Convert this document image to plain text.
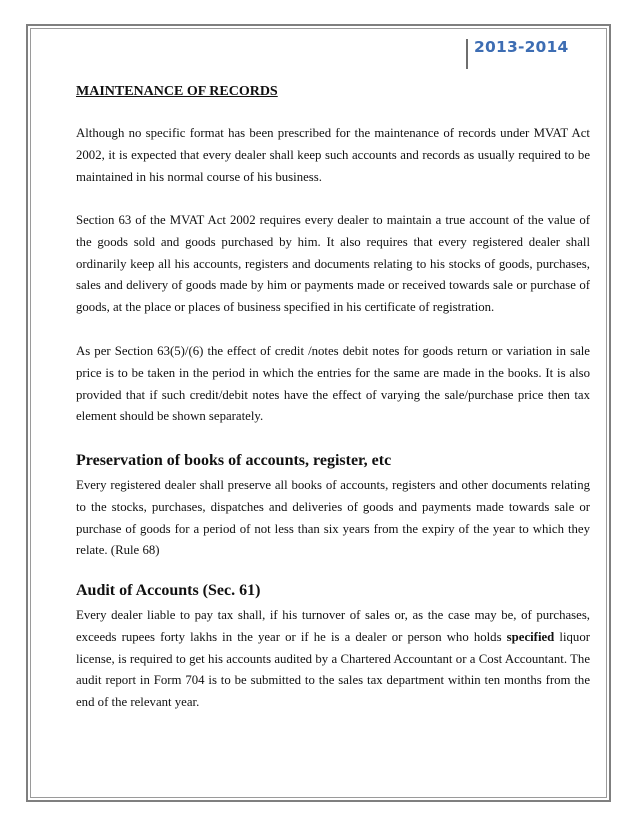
2013-2014
MAINTENANCE OF RECORDS

Although no specific format has been prescribed for the maintenance of records under MVAT Act 2002, it is expected that every dealer shall keep such accounts and records as usually required to be maintained in his normal course of his business.

Section 63 of the MVAT Act 2002 requires every dealer to maintain a true account of the value of the goods sold and goods purchased by him. It also requires that every registered dealer shall ordinarily keep all his accounts, registers and documents relating to his stocks of goods, purchases, sales and delivery of goods made by him or payments made or received towards sale or purchase of goods, at the place or places of business specified in his certificate of registration.

As per Section 63(5)/(6) the effect of credit /notes debit notes for goods return or variation in sale price is to be taken in the period in which the entries for the same are made in the books. It is also provided that if such credit/debit notes have the effect of varying the sale/purchase price then tax element should be shown separately.

Preservation of books of accounts, register, etc

Every registered dealer shall preserve all books of accounts, registers and other documents relating to the stocks, purchases, dispatches and deliveries of goods and payments made towards sale or purchase of goods for a period of not less than six years from the expiry of the year to which they relate. (Rule 68)

Audit of Accounts (Sec. 61)

Every dealer liable to pay tax shall, if his turnover of sales or, as the case may be, of purchases, exceeds rupees forty lakhs in the year or if he is a dealer or person who holds specified liquor license, is required to get his accounts audited by a Chartered Accountant or a Cost Accountant. The audit report in Form 704 is to be submitted to the sales tax department within ten months from the end of the relevant year.
